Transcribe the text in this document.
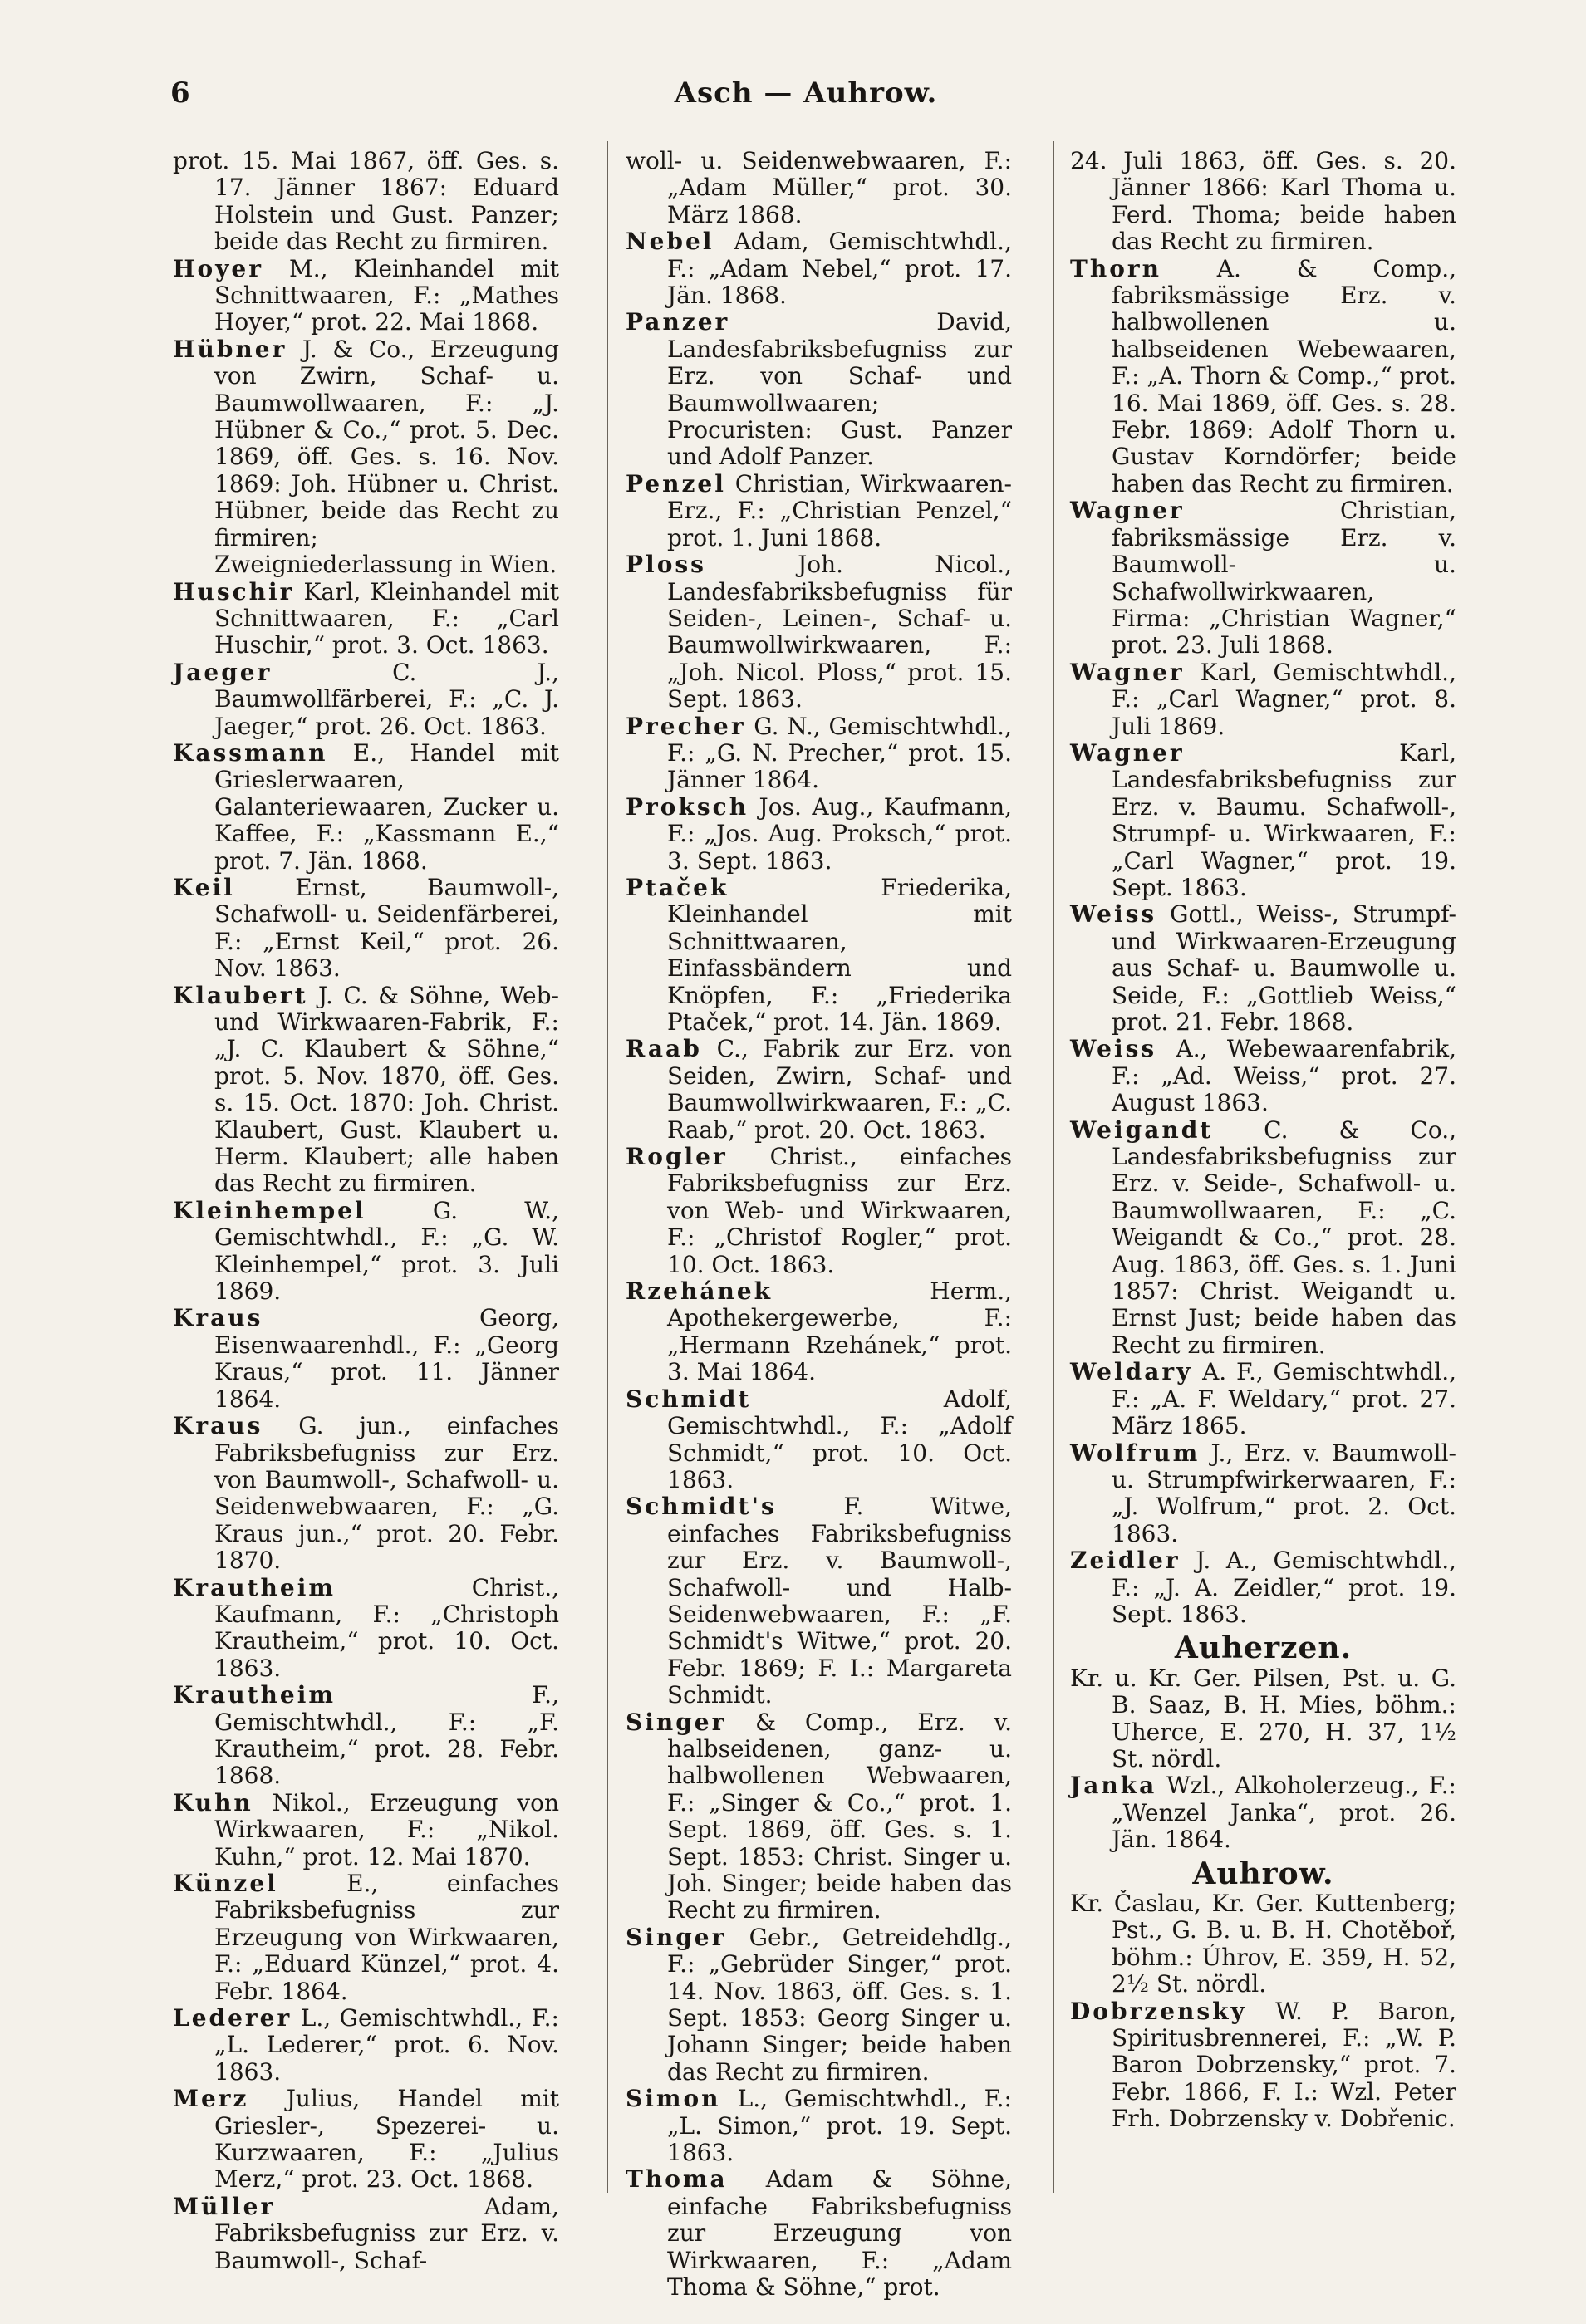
6	Asch — Auhrow.

prot. 15. Mai 1867, öff. Ges. s. 17. Jänner 1867: Eduard Holstein und Gust. Panzer; beide das Recht zu firmiren.

Hoyer M., Kleinhandel mit Schnittwaaren, F.: „Mathes Hoyer,“ prot. 22. Mai 1868.

Hübner J. & Co., Erzeugung von Zwirn, Schaf- u. Baumwollwaaren, F.: „J. Hübner & Co.,“ prot. 5. Dec. 1869, öff. Ges. s. 16. Nov. 1869: Joh. Hübner u. Christ. Hübner, beide das Recht zu firmiren; Zweigniederlassung in Wien.

Huschir Karl, Kleinhandel mit Schnittwaaren, F.: „Carl Huschir,“ prot. 3. Oct. 1863.

Jaeger C. J., Baumwollfärberei, F.: „C. J. Jaeger,“ prot. 26. Oct. 1863.

Kassmann E., Handel mit Grieslerwaaren, Galanteriewaaren, Zucker u. Kaffee, F.: „Kassmann E.,“ prot. 7. Jän. 1868.

Keil Ernst, Baumwoll-, Schafwoll- u. Seidenfärberei, F.: „Ernst Keil,“ prot. 26. Nov. 1863.

Klaubert J. C. & Söhne, Web- und Wirkwaaren-Fabrik, F.: „J. C. Klaubert & Söhne,“ prot. 5. Nov. 1870, öff. Ges. s. 15. Oct. 1870: Joh. Christ. Klaubert, Gust. Klaubert u. Herm. Klaubert; alle haben das Recht zu firmiren.

Kleinhempel G. W., Gemischtwhdl., F.: „G. W. Kleinhempel,“ prot. 3. Juli 1869.

Kraus Georg, Eisenwaarenhdl., F.: „Georg Kraus,“ prot. 11. Jänner 1864.

Kraus G. jun., einfaches Fabriksbefugniss zur Erz. von Baumwoll-, Schafwoll- u. Seidenwebwaaren, F.: „G. Kraus jun.,“ prot. 20. Febr. 1870.

Krautheim Christ., Kaufmann, F.: „Christoph Krautheim,“ prot. 10. Oct. 1863.

Krautheim F., Gemischtwhdl., F.: „F. Krautheim,“ prot. 28. Febr. 1868.

Kuhn Nikol., Erzeugung von Wirkwaaren, F.: „Nikol. Kuhn,“ prot. 12. Mai 1870.

Künzel E., einfaches Fabriksbefugniss zur Erzeugung von Wirkwaaren, F.: „Eduard Künzel,“ prot. 4. Febr. 1864.

Lederer L., Gemischtwhdl., F.: „L. Lederer,“ prot. 6. Nov. 1863.

Merz Julius, Handel mit Griesler-, Spezerei- u. Kurzwaaren, F.: „Julius Merz,“ prot. 23. Oct. 1868.

Müller Adam, Fabriksbefugniss zur Erz. v. Baumwoll-, Schaf-

woll- u. Seidenwebwaaren, F.: „Adam Müller,“ prot. 30. März 1868.

Nebel Adam, Gemischtwhdl., F.: „Adam Nebel,“ prot. 17. Jän. 1868.

Panzer David, Landesfabriksbefugniss zur Erz. von Schaf- und Baumwollwaaren; Procuristen: Gust. Panzer und Adolf Panzer.

Penzel Christian, Wirkwaaren-Erz., F.: „Christian Penzel,“ prot. 1. Juni 1868.

Ploss Joh. Nicol., Landesfabriksbefugniss für Seiden-, Leinen-, Schaf- u. Baumwollwirkwaaren, F.: „Joh. Nicol. Ploss,“ prot. 15. Sept. 1863.

Precher G. N., Gemischtwhdl., F.: „G. N. Precher,“ prot. 15. Jänner 1864.

Proksch Jos. Aug., Kaufmann, F.: „Jos. Aug. Proksch,“ prot. 3. Sept. 1863.

Ptaček Friederika, Kleinhandel mit Schnittwaaren, Einfassbändern und Knöpfen, F.: „Friederika Ptaček,“ prot. 14. Jän. 1869.

Raab C., Fabrik zur Erz. von Seiden, Zwirn, Schaf- und Baumwollwirkwaaren, F.: „C. Raab,“ prot. 20. Oct. 1863.

Rogler Christ., einfaches Fabriksbefugniss zur Erz. von Web- und Wirkwaaren, F.: „Christof Rogler,“ prot. 10. Oct. 1863.

Rzehánek Herm., Apothekergewerbe, F.: „Hermann Rzehánek,“ prot. 3. Mai 1864.

Schmidt Adolf, Gemischtwhdl., F.: „Adolf Schmidt,“ prot. 10. Oct. 1863.

Schmidt's F. Witwe, einfaches Fabriksbefugniss zur Erz. v. Baumwoll-, Schafwoll- und Halb-Seidenwebwaaren, F.: „F. Schmidt's Witwe,“ prot. 20. Febr. 1869; F. I.: Margareta Schmidt.

Singer & Comp., Erz. v. halbseidenen, ganz- u. halbwollenen Webwaaren, F.: „Singer & Co.,“ prot. 1. Sept. 1869, öff. Ges. s. 1. Sept. 1853: Christ. Singer u. Joh. Singer; beide haben das Recht zu firmiren.

Singer Gebr., Getreidehdlg., F.: „Gebrüder Singer,“ prot. 14. Nov. 1863, öff. Ges. s. 1. Sept. 1853: Georg Singer u. Johann Singer; beide haben das Recht zu firmiren.

Simon L., Gemischtwhdl., F.: „L. Simon,“ prot. 19. Sept. 1863.

Thoma Adam & Söhne, einfache Fabriksbefugniss zur Erzeugung von Wirkwaaren, F.: „Adam Thoma & Söhne,“ prot.

24. Juli 1863, öff. Ges. s. 20. Jänner 1866: Karl Thoma u. Ferd. Thoma; beide haben das Recht zu firmiren.

Thorn A. & Comp., fabriksmässige Erz. v. halbwollenen u. halbseidenen Webewaaren, F.: „A. Thorn & Comp.,“ prot. 16. Mai 1869, öff. Ges. s. 28. Febr. 1869: Adolf Thorn u. Gustav Korndörfer; beide haben das Recht zu firmiren.

Wagner Christian, fabriksmässige Erz. v. Baumwoll- u. Schafwollwirkwaaren, Firma: „Christian Wagner,“ prot. 23. Juli 1868.

Wagner Karl, Gemischtwhdl., F.: „Carl Wagner,“ prot. 8. Juli 1869.

Wagner Karl, Landesfabriksbefugniss zur Erz. v. Baumu. Schafwoll-, Strumpf- u. Wirkwaaren, F.: „Carl Wagner,“ prot. 19. Sept. 1863.

Weiss Gottl., Weiss-, Strumpf- und Wirkwaaren-Erzeugung aus Schaf- u. Baumwolle u. Seide, F.: „Gottlieb Weiss,“ prot. 21. Febr. 1868.

Weiss A., Webewaarenfabrik, F.: „Ad. Weiss,“ prot. 27. August 1863.

Weigandt C. & Co., Landesfabriksbefugniss zur Erz. v. Seide-, Schafwoll- u. Baumwollwaaren, F.: „C. Weigandt & Co.,“ prot. 28. Aug. 1863, öff. Ges. s. 1. Juni 1857: Christ. Weigandt u. Ernst Just; beide haben das Recht zu firmiren.

Weldary A. F., Gemischtwhdl., F.: „A. F. Weldary,“ prot. 27. März 1865.

Wolfrum J., Erz. v. Baumwoll- u. Strumpfwirkerwaaren, F.: „J. Wolfrum,“ prot. 2. Oct. 1863.

Zeidler J. A., Gemischtwhdl., F.: „J. A. Zeidler,“ prot. 19. Sept. 1863.

Auherzen.

Kr. u. Kr. Ger. Pilsen, Pst. u. G. B. Saaz, B. H. Mies, böhm.: Uherce, E. 270, H. 37, 1½ St. nördl.

Janka Wzl., Alkoholerzeug., F.: „Wenzel Janka“, prot. 26. Jän. 1864.

Auhrow.

Kr. Časlau, Kr. Ger. Kuttenberg; Pst., G. B. u. B. H. Chotěboř, böhm.: Úhrov, E. 359, H. 52, 2½ St. nördl.

Dobrzensky W. P. Baron, Spiritusbrennerei, F.: „W. P. Baron Dobrzensky,“ prot. 7. Febr. 1866, F. I.: Wzl. Peter Frh. Dobrzensky v. Dobřenic.
